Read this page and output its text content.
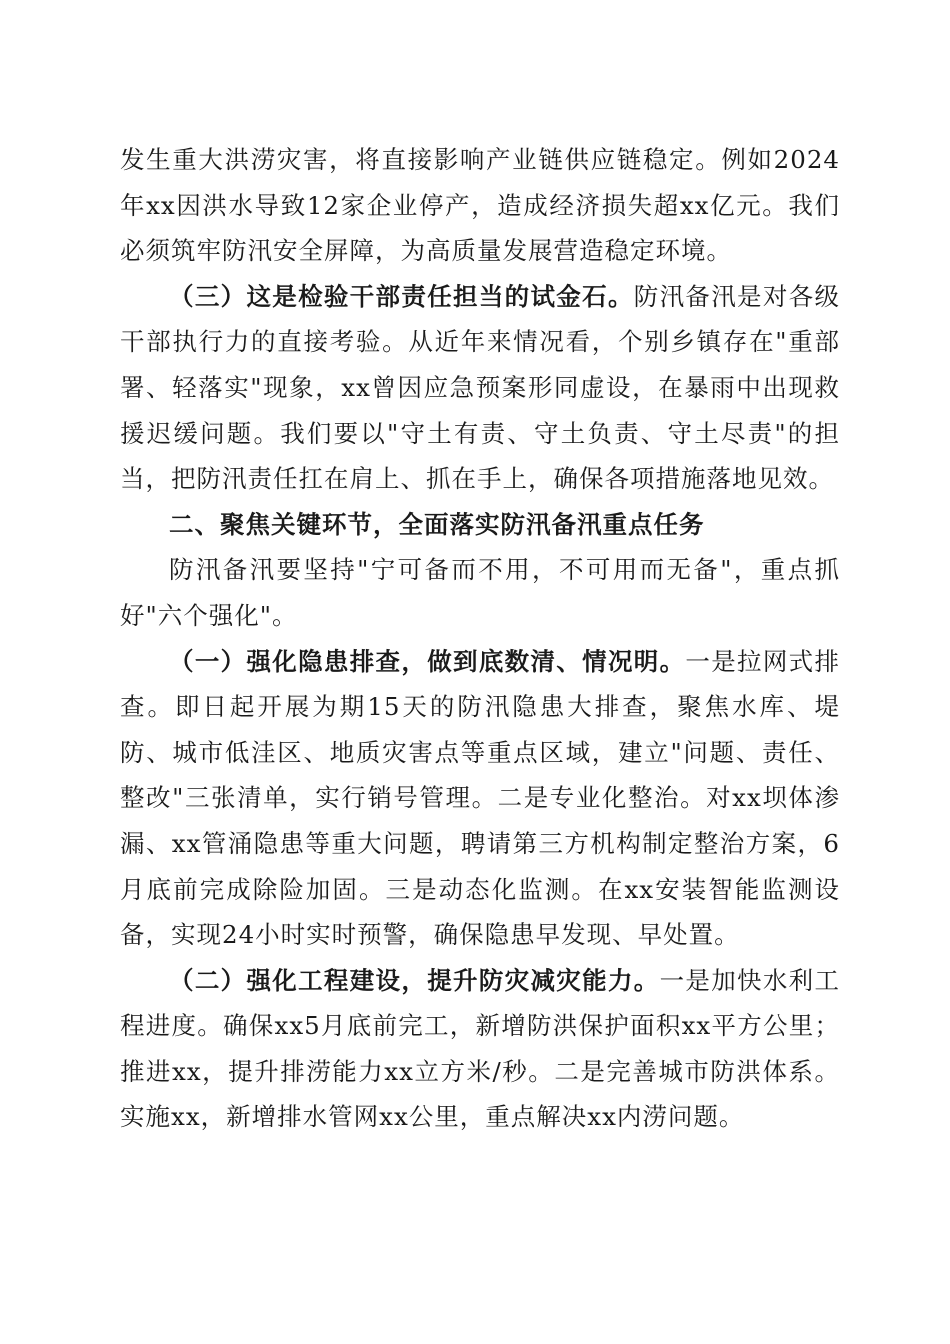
发生重大洪涝灾害，将直接影响产业链供应链稳定。例如2024年xx因洪水导致12家企业停产，造成经济损失超xx亿元。我们必须筑牢防汛安全屏障，为高质量发展营造稳定环境。

（三）这是检验干部责任担当的试金石。防汛备汛是对各级干部执行力的直接考验。从近年来情况看，个别乡镇存在"重部署、轻落实"现象，xx曾因应急预案形同虚设，在暴雨中出现救援迟缓问题。我们要以"守土有责、守土负责、守土尽责"的担当，把防汛责任扛在肩上、抓在手上，确保各项措施落地见效。

二、聚焦关键环节，全面落实防汛备汛重点任务

防汛备汛要坚持"宁可备而不用，不可用而无备"，重点抓好"六个强化"。

（一）强化隐患排查，做到底数清、情况明。一是拉网式排查。即日起开展为期15天的防汛隐患大排查，聚焦水库、堤防、城市低洼区、地质灾害点等重点区域，建立"问题、责任、整改"三张清单，实行销号管理。二是专业化整治。对xx坝体渗漏、xx管涌隐患等重大问题，聘请第三方机构制定整治方案，6月底前完成除险加固。三是动态化监测。在xx安装智能监测设备，实现24小时实时预警，确保隐患早发现、早处置。

（二）强化工程建设，提升防灾减灾能力。一是加快水利工程进度。确保xx5月底前完工，新增防洪保护面积xx平方公里；推进xx，提升排涝能力xx立方米/秒。二是完善城市防洪体系。实施xx，新增排水管网xx公里，重点解决xx内涝问题。
